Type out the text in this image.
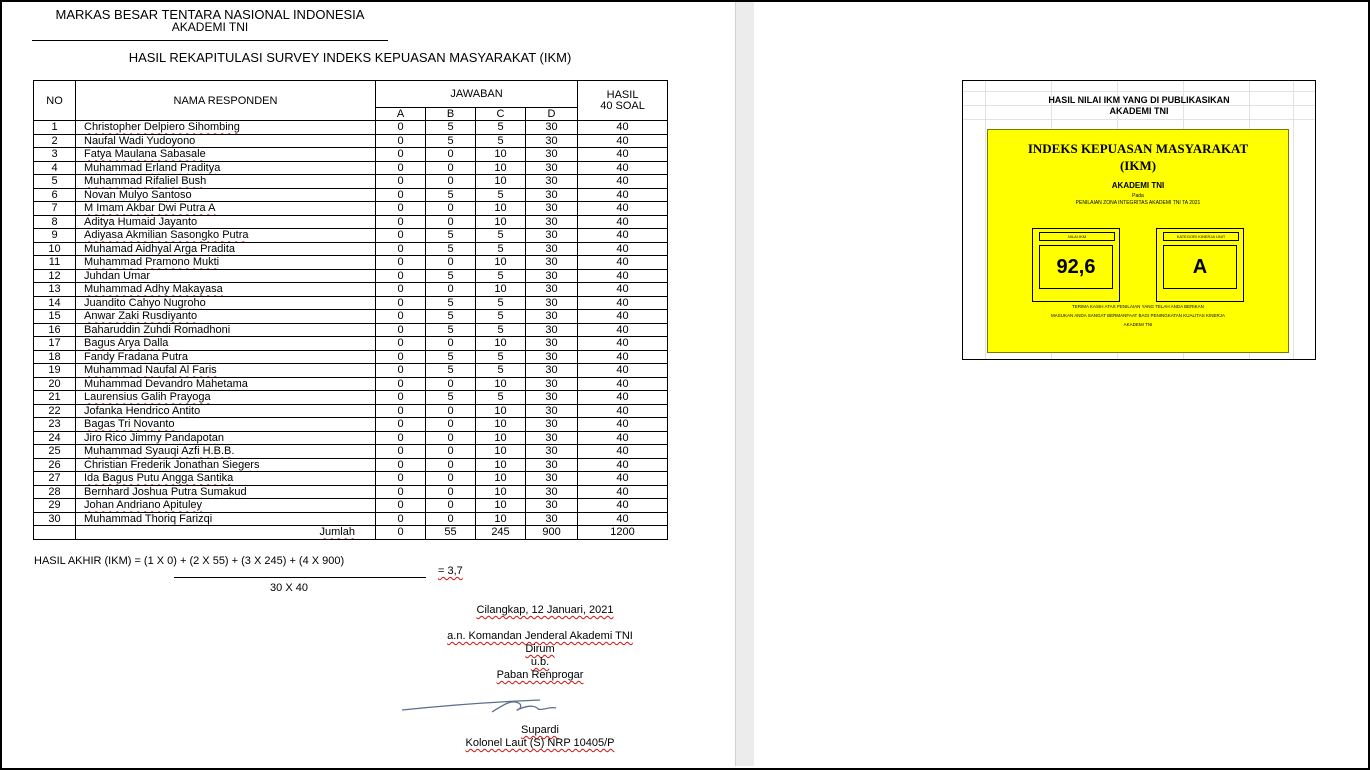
MARKAS BESAR TENTARA NASIONAL INDONESIA
AKADEMI TNI
HASIL REKAPITULASI SURVEY INDEKS KEPUASAN MASYARAKAT (IKM)
NO	NAMA RESPONDEN	JAWABAN				HASIL
40 SOAL
		A	B	C	D	
1	Christopher Delpiero Sihombing	0	5	5	30	40
2	Naufal Wadi Yudoyono	0	5	5	30	40
3	Fatya Maulana Sabasale	0	0	10	30	40
4	Muhammad Erland Praditya	0	0	10	30	40
5	Muhammad Rifaliel Bush	0	0	10	30	40
6	Novan Mulyo Santoso	0	5	5	30	40
7	M Imam Akbar Dwi Putra A	0	0	10	30	40
8	Aditya Humaid Jayanto	0	0	10	30	40
9	Adiyasa Akmilian Sasongko Putra	0	5	5	30	40
10	Muhamad Aidhyal Arga Pradita	0	5	5	30	40
11	Muhammad Pramono Mukti	0	0	10	30	40
12	Juhdan Umar	0	5	5	30	40
13	Muhammad Adhy Makayasa	0	0	10	30	40
14	Juandito Cahyo Nugroho	0	5	5	30	40
15	Anwar Zaki Rusdiyanto	0	5	5	30	40
16	Baharuddin Zuhdi Romadhoni	0	5	5	30	40
17	Bagus Arya Dalla	0	0	10	30	40
18	Fandy Fradana Putra	0	5	5	30	40
19	Muhammad Naufal Al Faris	0	5	5	30	40
20	Muhammad Devandro Mahetama	0	0	10	30	40
21	Laurensius Galih Prayoga	0	5	5	30	40
22	Jofanka Hendrico Antito	0	0	10	30	40
23	Bagas Tri Novanto	0	0	10	30	40
24	Jiro Rico Jimmy Pandapotan	0	0	10	30	40
25	Muhammad Syauqi Azfi H.B.B.	0	0	10	30	40
26	Christian Frederik Jonathan Siegers	0	0	10	30	40
27	Ida Bagus Putu Angga Santika	0	0	10	30	40
28	Bernhard Joshua Putra Sumakud	0	0	10	30	40
29	Johan Andriano Apituley	0	0	10	30	40
30	Muhammad Thoriq Farizqi	0	0	10	30	40
	Jumlah	0	55	245	900	1200
HASIL AKHIR (IKM) = (1 X 0) + (2 X 55) + (3 X 245) + (4 X 900)
30 X 40
= 3,7
Cilangkap, 12 Januari, 2021
a.n. Komandan Jenderal Akademi TNI
Dirum
u.b.
Paban Renprogar
Supardi
Kolonel Laut (S) NRP 10405/P
HASIL NILAI IKM YANG DI PUBLIKASIKAN
AKADEMI TNI
INDEKS KEPUASAN MASYARAKAT
(IKM)
AKADEMI TNI
Pada
PENILAIAN ZONA INTEGRITAS AKADEMI TNI TA 2021
NILAI IKM
92,6
KATEGORI KINERJA UNIT
A
TERIMA KASIH ATAS PENILAIAN YANG TELAH ANDA BERIKAN
MASUKAN ANDA SANGAT BERMANFAAT BAGI PENINGKATAN KUALITAS KINERJA
AKADEMI TNI
